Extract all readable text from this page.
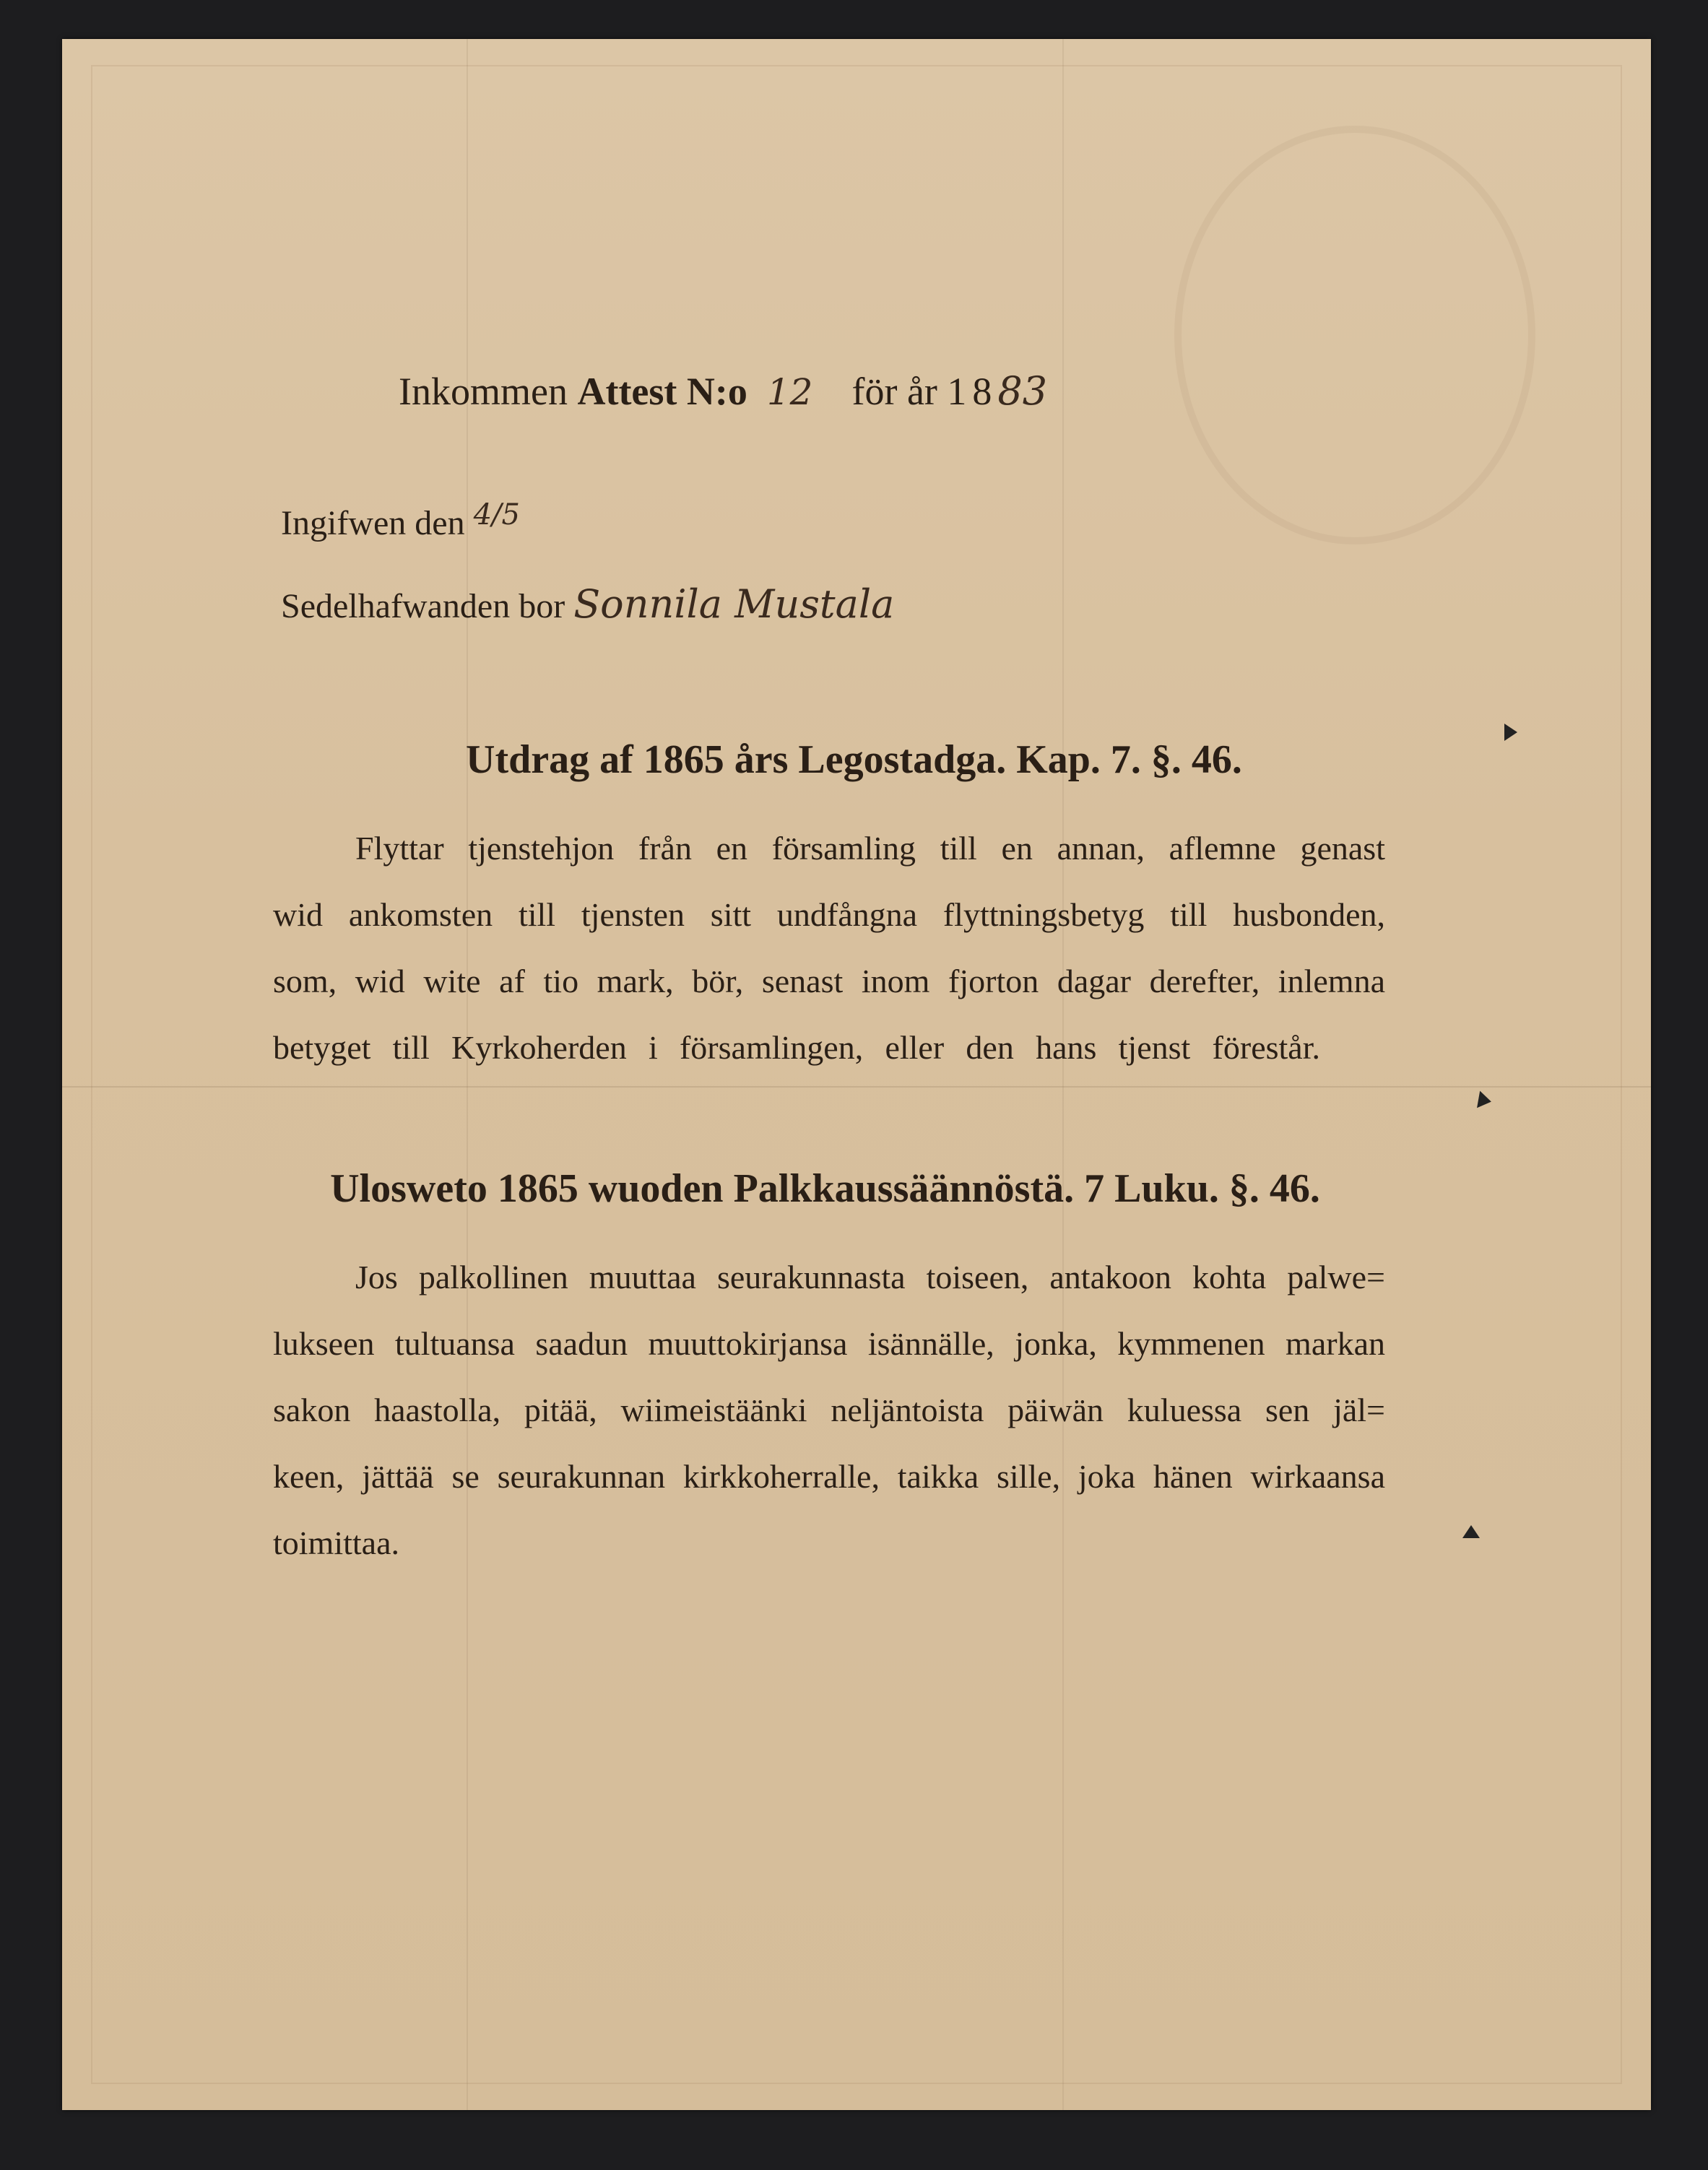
Inkommen Attest N:o 12 för år 1883
Ingifwen den $^{4/5}$
Sedelhafwanden bor Sonnila Mustala
Utdrag af 1865 års Legostadga. Kap. 7. §. 46.
Flyttar tjenstehjon från en församling till en annan, aflemne genast
wid ankomsten till tjensten sitt undfångna flyttningsbetyg till husbonden,
som, wid wite af tio mark, bör, senast inom fjorton dagar derefter, inlemna
betyget till Kyrkoherden i församlingen, eller den hans tjenst förestår.
Ulosweto 1865 wuoden Palkkaussäännöstä. 7 Luku. §. 46.
Jos palkollinen muuttaa seurakunnasta toiseen, antakoon kohta palwe=
lukseen tultuansa saadun muuttokirjansa isännälle, jonka, kymmenen markan
sakon haastolla, pitää, wiimeistäänki neljäntoista päiwän kuluessa sen jäl=
keen, jättää se seurakunnan kirkkoherralle, taikka sille, joka hänen wirkaansa
toimittaa.
